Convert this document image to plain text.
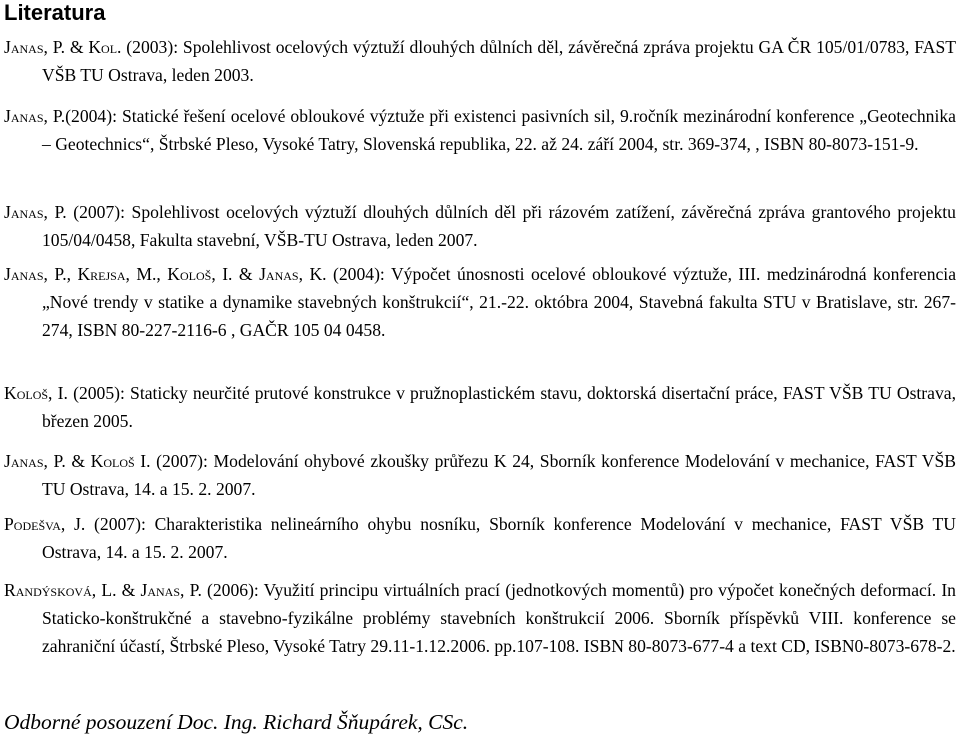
Literatura

Janas, P. & Kol. (2003): Spolehlivost ocelových výztuží dlouhých důlních děl, závěrečná zpráva projektu GA ČR 105/01/0783, FAST VŠB TU Ostrava, leden 2003.

Janas, P.(2004): Statické řešení ocelové obloukové výztuže při existenci pasivních sil, 9.ročník mezinárodní konference „Geotechnika – Geotechnics“, Štrbské Pleso, Vysoké Tatry, Slovenská republika, 22. až 24. září 2004, str. 369-374, , ISBN 80-8073-151-9.

Janas, P. (2007): Spolehlivost ocelových výztuží dlouhých důlních děl při rázovém zatížení, závěrečná zpráva grantového projektu 105/04/0458, Fakulta stavební, VŠB-TU Ostrava, leden 2007.

Janas, P., Krejsa, M., Kološ, I. & Janas, K. (2004): Výpočet únosnosti ocelové obloukové výztuže, III. medzinárodná konferencia „Nové trendy v statike a dynamike stavebných konštrukcií“, 21.-22. októbra 2004, Stavebná fakulta STU v Bratislave, str. 267-274, ISBN 80-227-2116-6 , GAČR 105 04 0458.

Kološ, I. (2005): Staticky neurčité prutové konstrukce v pružnoplastickém stavu, doktorská disertační práce, FAST VŠB TU Ostrava, březen 2005.

Janas, P. & Kološ I. (2007): Modelování ohybové zkoušky průřezu K 24, Sborník konference Modelování v mechanice, FAST VŠB TU Ostrava, 14. a 15. 2. 2007.

Podešva, J. (2007): Charakteristika nelineárního ohybu nosníku, Sborník konference Modelování v mechanice, FAST VŠB TU Ostrava, 14. a 15. 2. 2007.

Randýsková, L. & Janas, P. (2006): Využití principu virtuálních prací (jednotkových momentů) pro výpočet konečných deformací. In Staticko-konštrukčné a stavebno-fyzikálne problémy stavebních konštrukcií 2006. Sborník příspěvků VIII. konference se zahraniční účastí, Štrbské Pleso, Vysoké Tatry 29.11-1.12.2006. pp.107-108. ISBN 80-8073-677-4 a text CD, ISBN0-8073-678-2.

Odborné posouzení Doc. Ing. Richard Šňupárek, CSc.
